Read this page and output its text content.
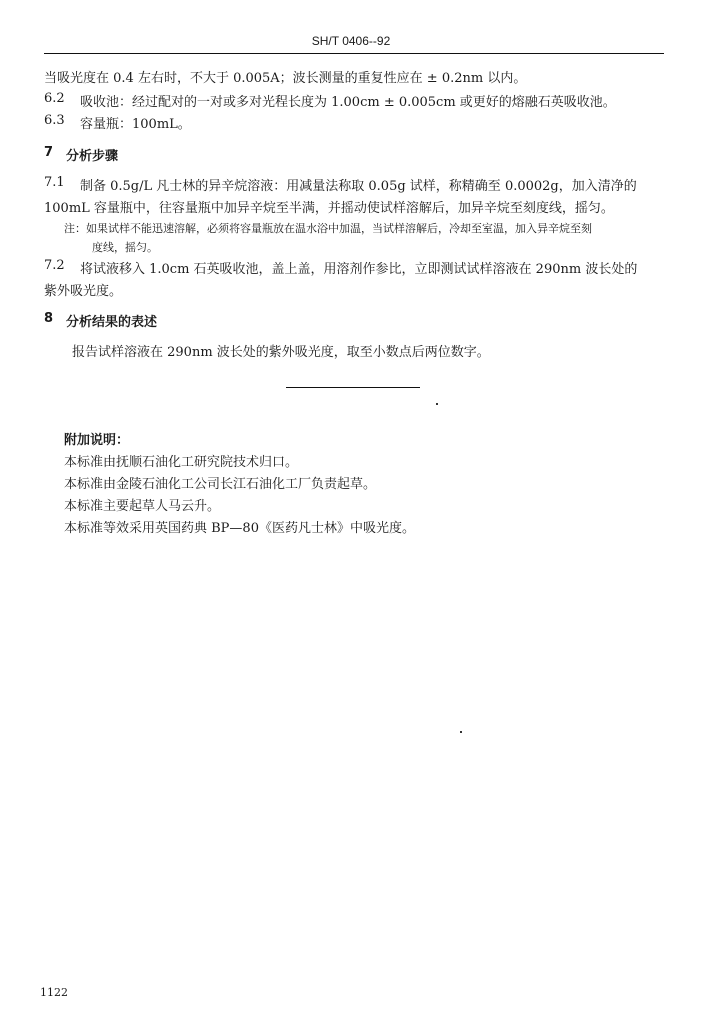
SH/T 0406--92
当吸光度在 0.4 左右时，不大于 0.005A；波长测量的重复性应在 ± 0.2nm 以内。
6.2 吸收池：经过配对的一对或多对光程长度为 1.00cm ± 0.005cm 或更好的熔融石英吸收池。
6.3 容量瓶：100mL。
7 分析步骤
7.1 制备 0.5g/L 凡士林的异辛烷溶液：用减量法称取 0.05g 试样，称精确至 0.0002g，加入清净的
100mL 容量瓶中，往容量瓶中加异辛烷至半满，并摇动使试样溶解后，加异辛烷至刻度线，摇匀。
注：如果试样不能迅速溶解，必须将容量瓶放在温水浴中加温，当试样溶解后，冷却至室温，加入异辛烷至刻
度线，摇匀。
7.2 将试液移入 1.0cm 石英吸收池，盖上盖，用溶剂作参比，立即测试试样溶液在 290nm 波长处的
紫外吸光度。
8 分析结果的表述
报告试样溶液在 290nm 波长处的紫外吸光度，取至小数点后两位数字。
附加说明：
本标准由抚顺石油化工研究院技术归口。
本标准由金陵石油化工公司长江石油化工厂负责起草。
本标准主要起草人马云升。
本标准等效采用英国药典 BP—80《医药凡士林》中吸光度。
1122
